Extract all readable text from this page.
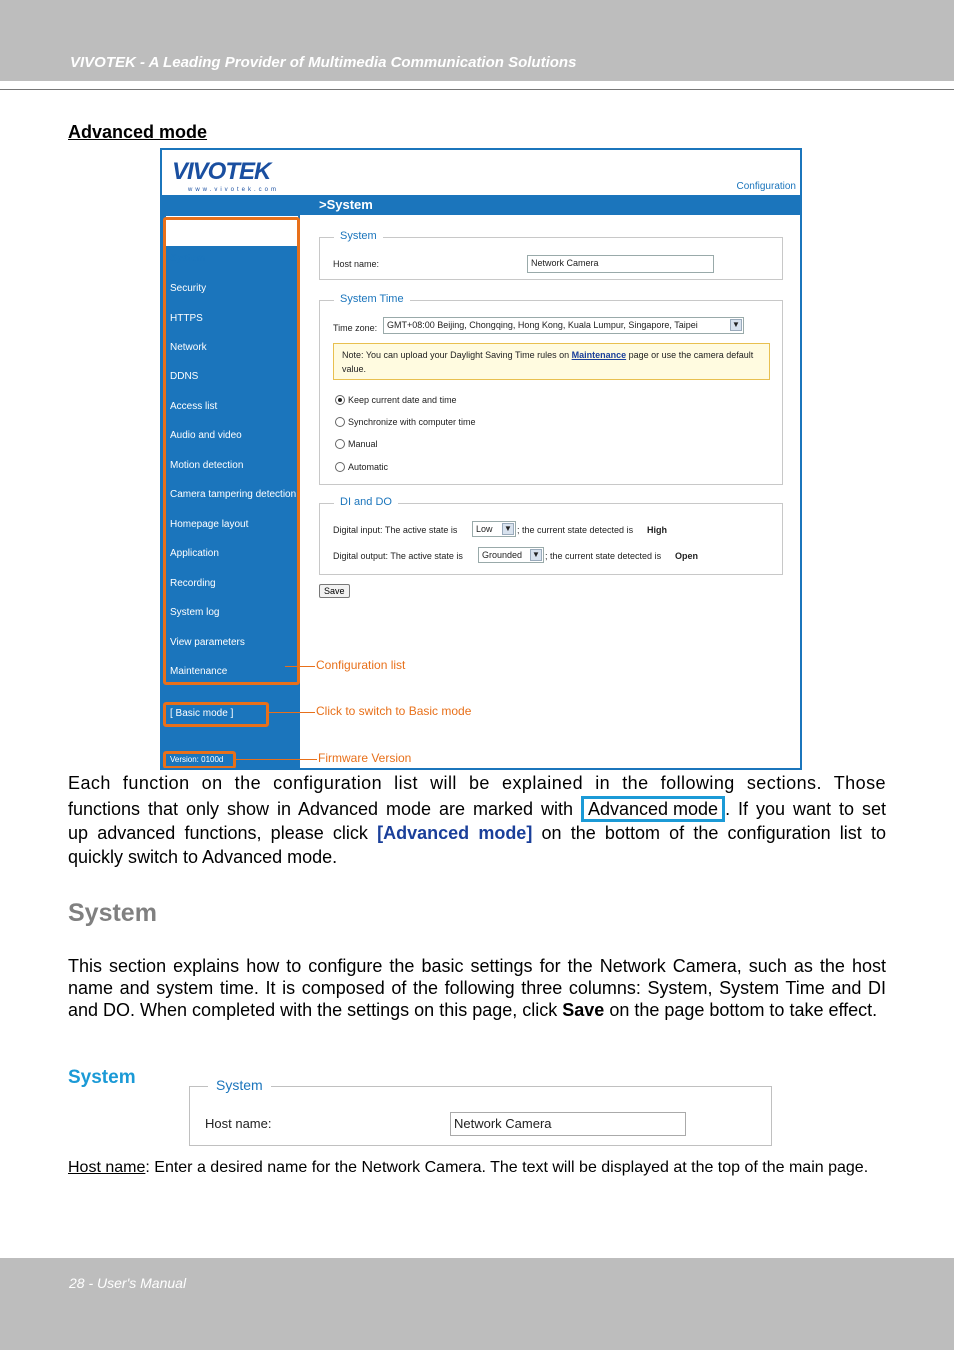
VIVOTEK - A Leading Provider of Multimedia Communication Solutions
Advanced mode
VIVOTEK
www.vivotek.com	Configuration
>System
Home
System
Security
HTTPS
Network
DDNS
Access list
Audio and video
Motion detection
Camera tampering detection
Homepage layout
Application
Recording
System log
View parameters
Maintenance
[ Basic mode ]
Version: 0100d
System
Host name:	Network Camera
System Time
Time zone:	GMT+08:00 Beijing, Chongqing, Hong Kong, Kuala Lumpur, Singapore, Taipei	▼
Note: You can upload your Daylight Saving Time rules on Maintenance page or use the camera default value.
Keep current date and time
Synchronize with computer time
Manual
Automatic
DI and DO
Digital input: The active state is	Low ▼ ; the current state detected is High
Digital output: The active state is	Grounded ▼ ; the current state detected is Open
Save
Configuration list
Click to switch to Basic mode
Firmware Version
Each function on the configuration list will be explained in the following sections. Those
functions that only show in Advanced mode are marked with Advanced mode . If you want to set
up advanced functions, please click [Advanced mode] on the bottom of the configuration list to
quickly switch to Advanced mode.
System
This section explains how to configure the basic settings for the Network Camera, such as the host name and system time. It is composed of the following three columns: System, System Time and DI and DO. When completed with the settings on this page, click Save on the page bottom to take effect.
System	System
Host name:	Network Camera
Host name: Enter a desired name for the Network Camera. The text will be displayed at the top of the main page.
28 - User's Manual
